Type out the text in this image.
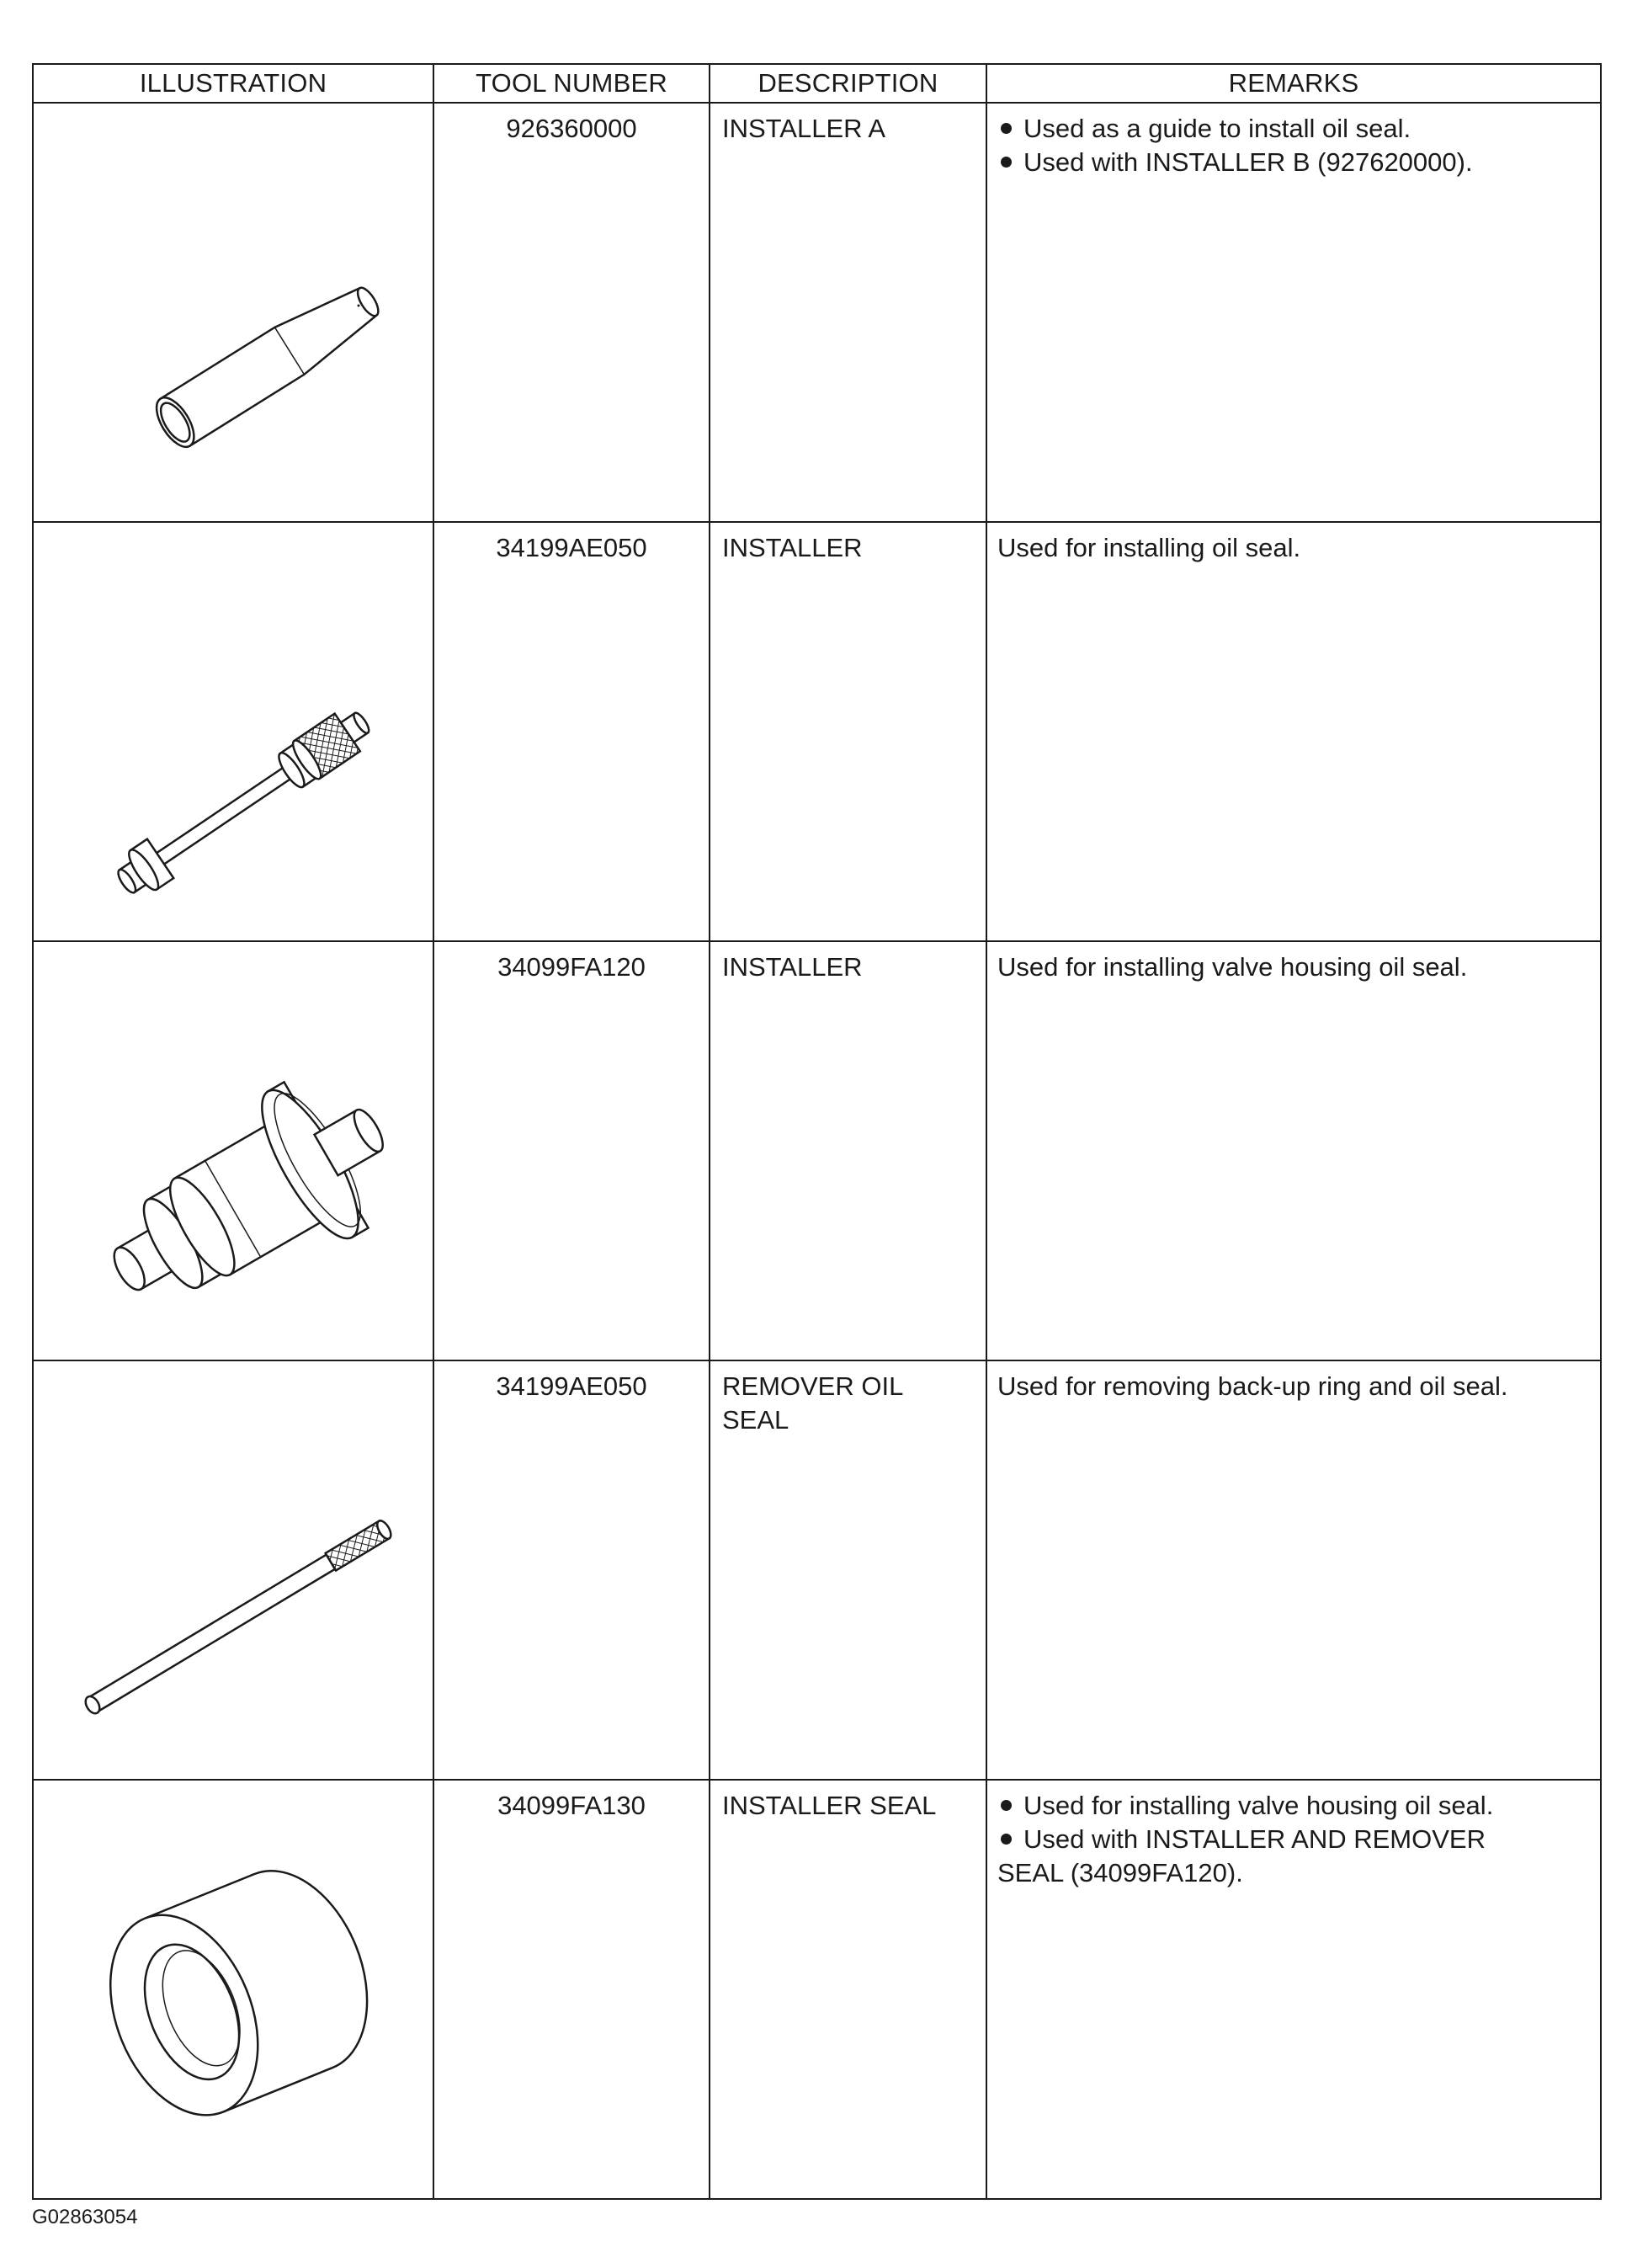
ILLUSTRATION	TOOL NUMBER	DESCRIPTION	REMARKS

	926360000	INSTALLER A	Used as a guide to install oil seal.
Used with INSTALLER B (927620000).

	34199AE050	INSTALLER	Used for installing oil seal.

	34099FA120	INSTALLER	Used for installing valve housing oil seal.

	34199AE050	REMOVER OIL SEAL	Used for removing back-up ring and oil seal.

	34099FA130	INSTALLER SEAL	Used for installing valve housing oil seal.
Used with INSTALLER AND REMOVER SEAL (34099FA120).
G02863054
